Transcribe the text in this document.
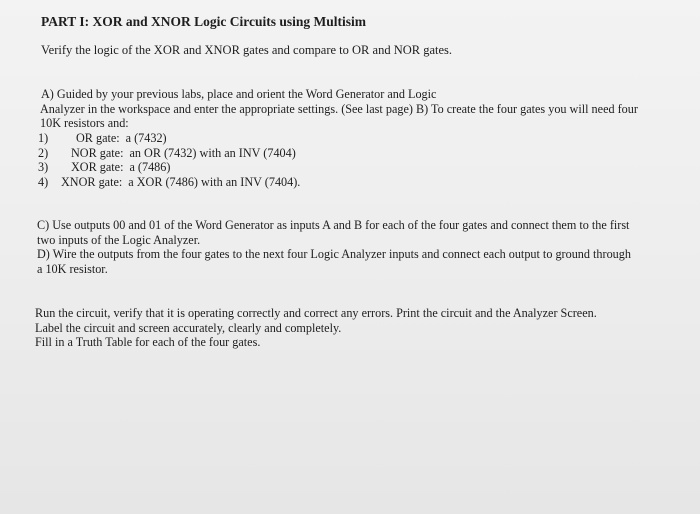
PART I: XOR and XNOR Logic Circuits using Multisim
Verify the logic of the XOR and XNOR gates and compare to OR and NOR gates.
A) Guided by your previous labs, place and orient the Word Generator and Logic
Analyzer in the workspace and enter the appropriate settings. (See last page) B) To create the four gates you will need four
10K resistors and:
1)	OR gate: a (7432)
2)	NOR gate: an OR (7432) with an INV (7404)
3)	XOR gate: a (7486)
4)	XNOR gate: a XOR (7486) with an INV (7404).
C) Use outputs 00 and 01 of the Word Generator as inputs A and B for each of the four gates and connect them to the first
two inputs of the Logic Analyzer.
D) Wire the outputs from the four gates to the next four Logic Analyzer inputs and connect each output to ground through
a 10K resistor.
Run the circuit, verify that it is operating correctly and correct any errors. Print the circuit and the Analyzer Screen.
Label the circuit and screen accurately, clearly and completely.
Fill in a Truth Table for each of the four gates.
